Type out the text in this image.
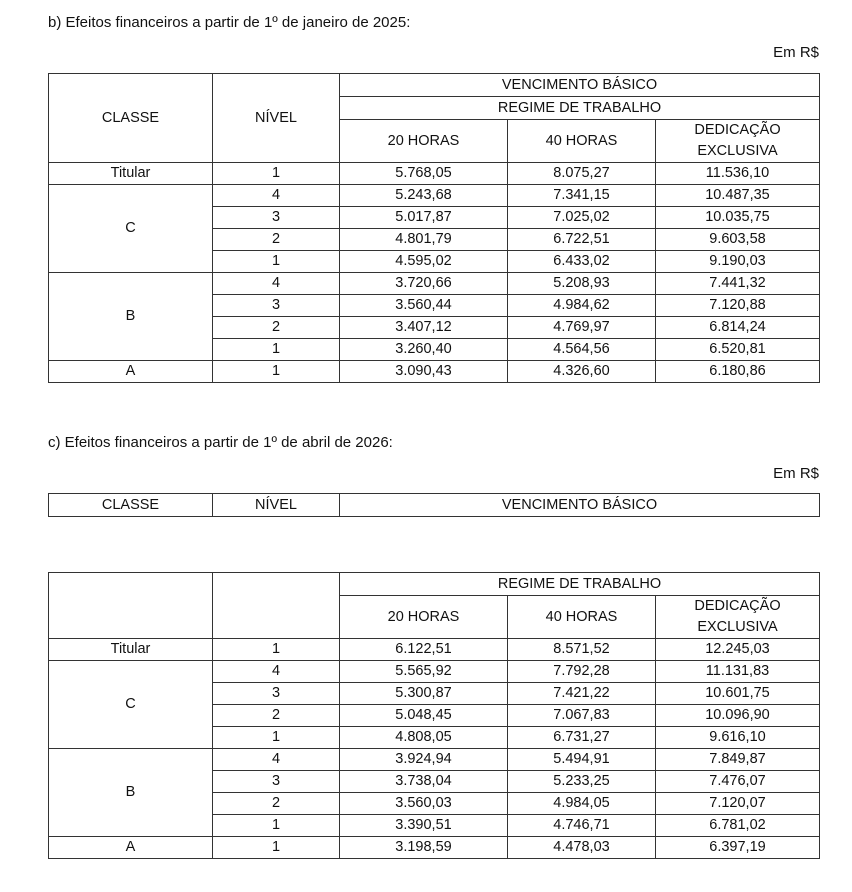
b) Efeitos financeiros a partir de 1º de janeiro de 2025:
Em R$
CLASSE	NÍVEL	VENCIMENTO BÁSICO		
		REGIME DE TRABALHO		
		20 HORAS	40 HORAS	DEDICAÇÃO
EXCLUSIVA
Titular	1	5.768,05	8.075,27	11.536,10
C	4	5.243,68	7.341,15	10.487,35
	3	5.017,87	7.025,02	10.035,75
	2	4.801,79	6.722,51	9.603,58
	1	4.595,02	6.433,02	9.190,03
B	4	3.720,66	5.208,93	7.441,32
	3	3.560,44	4.984,62	7.120,88
	2	3.407,12	4.769,97	6.814,24
	1	3.260,40	4.564,56	6.520,81
A	1	3.090,43	4.326,60	6.180,86
c) Efeitos financeiros a partir de 1º de abril de 2026:
Em R$
CLASSE	NÍVEL	VENCIMENTO BÁSICO
		REGIME DE TRABALHO		
		20 HORAS	40 HORAS	DEDICAÇÃO
EXCLUSIVA
Titular	1	6.122,51	8.571,52	12.245,03
C	4	5.565,92	7.792,28	11.131,83
	3	5.300,87	7.421,22	10.601,75
	2	5.048,45	7.067,83	10.096,90
	1	4.808,05	6.731,27	9.616,10
B	4	3.924,94	5.494,91	7.849,87
	3	3.738,04	5.233,25	7.476,07
	2	3.560,03	4.984,05	7.120,07
	1	3.390,51	4.746,71	6.781,02
A	1	3.198,59	4.478,03	6.397,19
